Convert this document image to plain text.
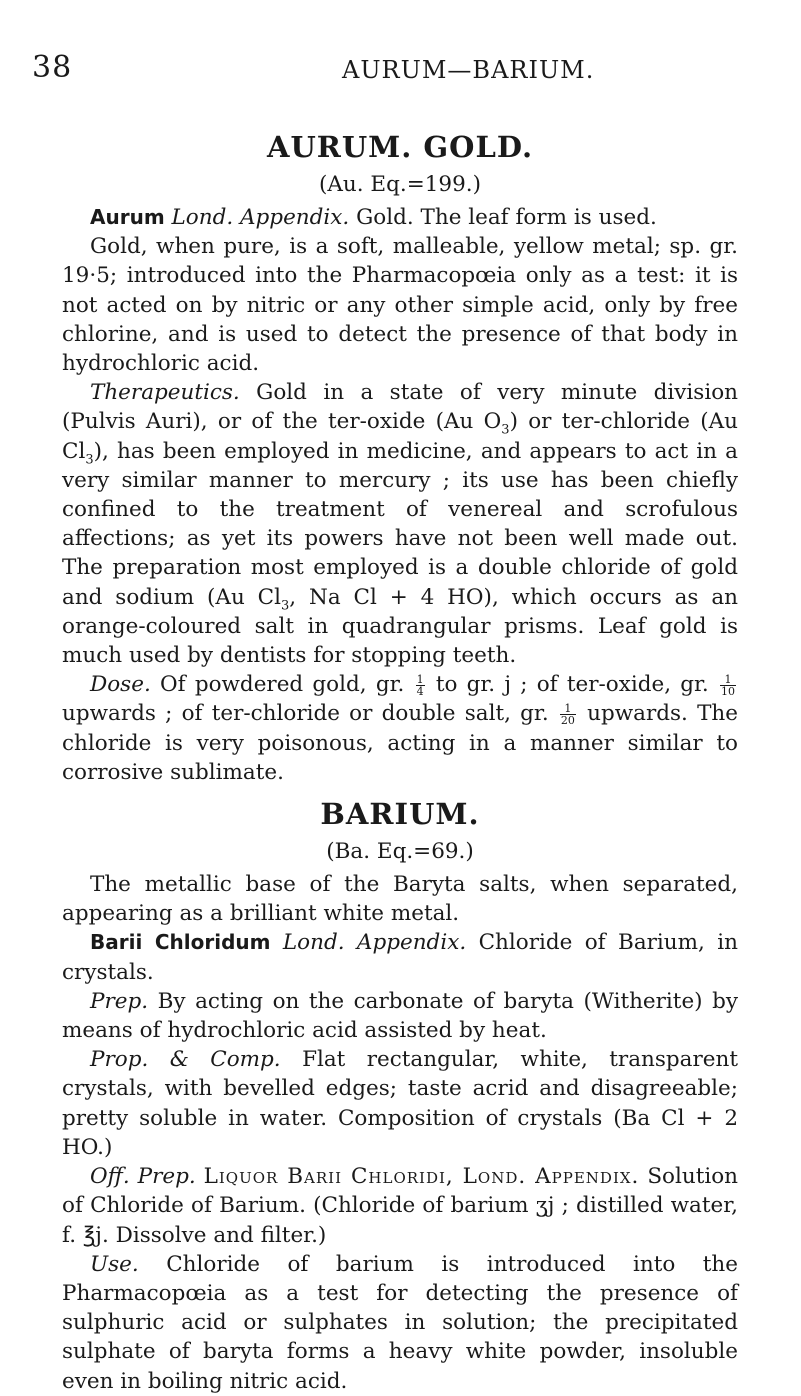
38	AURUM—BARIUM.
AURUM. GOLD.
(Au. Eq.=199.)

Aurum Lond. Appendix. Gold. The leaf form is used.

Gold, when pure, is a soft, malleable, yellow metal; sp. gr. 19·5; introduced into the Pharmacopœia only as a test: it is not acted on by nitric or any other simple acid, only by free chlorine, and is used to detect the presence of that body in hydrochloric acid.

Therapeutics. Gold in a state of very minute division (Pulvis Auri), or of the ter-oxide (Au $O_3$) or ter-chloride (Au $Cl_3$), has been employed in medicine, and appears to act in a very similar manner to mercury ; its use has been chiefly confined to the treatment of venereal and scrofulous affections; as yet its powers have not been well made out. The preparation most employed is a double chloride of gold and sodium (Au $Cl_3$, Na Cl + 4 HO), which occurs as an orange-coloured salt in quadrangular prisms. Leaf gold is much used by dentists for stopping teeth.

Dose. Of powdered gold, gr. $\frac{1}{4}$ to gr. j ; of ter-oxide, gr. $\frac{1}{10}$
upwards ; of ter-chloride or double salt, gr. $\frac{1}{20}$ upwards. The chloride is very poisonous, acting in a manner similar to corrosive sublimate.

BARIUM.
(Ba. Eq.=69.)

The metallic base of the Baryta salts, when separated, appearing as a brilliant white metal.

Barii Chloridum Lond. Appendix. Chloride of Barium, in crystals.

Prep. By acting on the carbonate of baryta (Witherite) by means of hydrochloric acid assisted by heat.

Prop. & Comp. Flat rectangular, white, transparent crystals, with bevelled edges; taste acrid and disagreeable; pretty soluble in water. Composition of crystals (Ba Cl + 2 HO.)

Off. Prep. Liquor Barii Chloridi, Lond. Appendix. Solution of Chloride of Barium. (Chloride of barium ʒj ; distilled water, f. ℥j. Dissolve and filter.)

Use. Chloride of barium is introduced into the Pharmacopœia as a test for detecting the presence of sulphuric acid or sulphates in solution; the precipitated sulphate of baryta forms a heavy white powder, insoluble even in boiling nitric acid.
